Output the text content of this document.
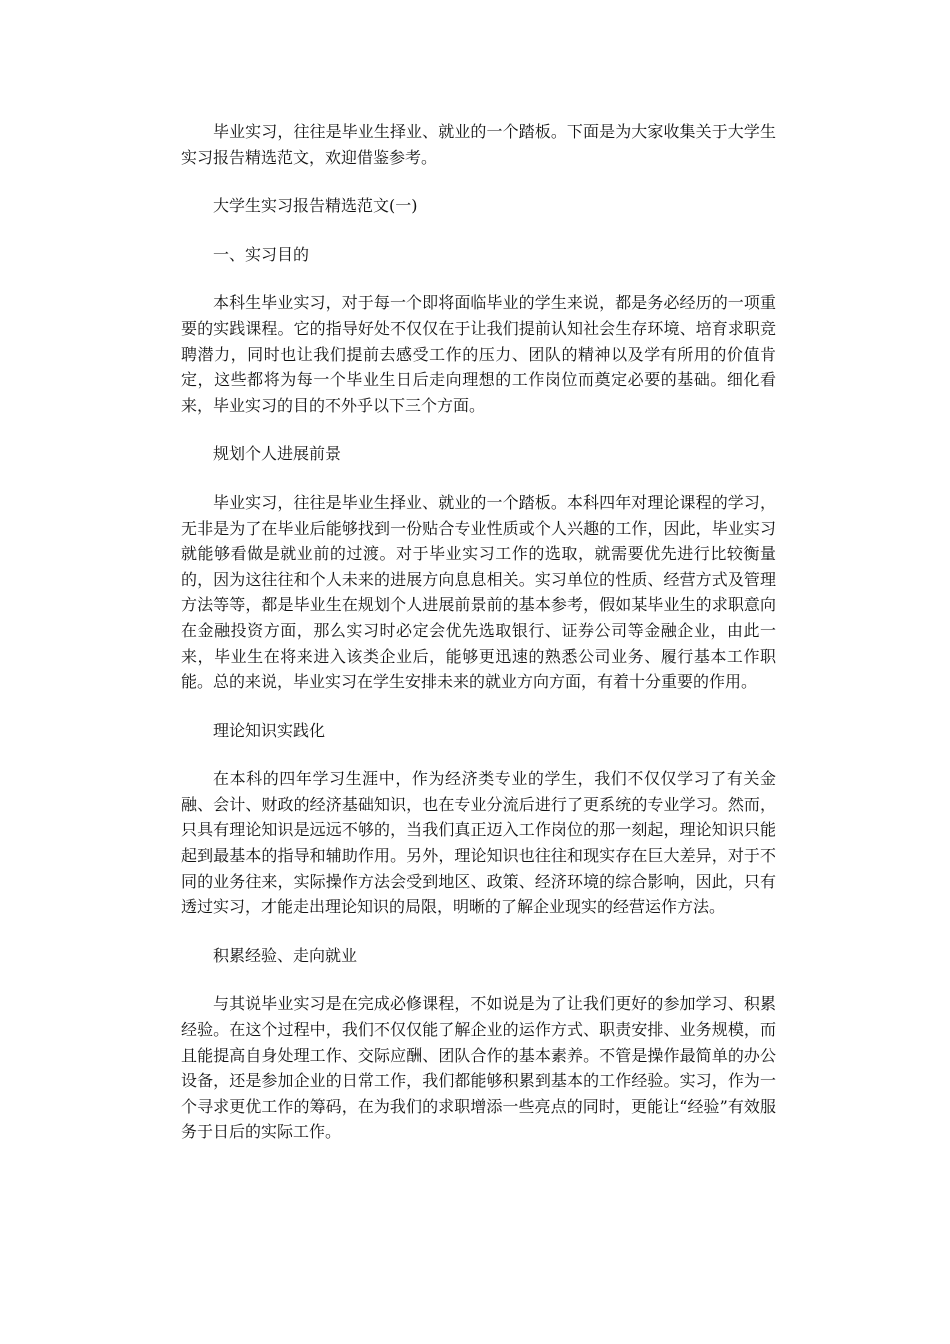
毕业实习，往往是毕业生择业、就业的一个踏板。下面是为大家收集关于大学生实习报告精选范文，欢迎借鉴参考。

大学生实习报告精选范文(一)

一、实习目的

本科生毕业实习，对于每一个即将面临毕业的学生来说，都是务必经历的一项重要的实践课程。它的指导好处不仅仅在于让我们提前认知社会生存环境、培育求职竞聘潜力，同时也让我们提前去感受工作的压力、团队的精神以及学有所用的价值肯定，这些都将为每一个毕业生日后走向理想的工作岗位而奠定必要的基础。细化看来，毕业实习的目的不外乎以下三个方面。

规划个人进展前景

毕业实习，往往是毕业生择业、就业的一个踏板。本科四年对理论课程的学习，无非是为了在毕业后能够找到一份贴合专业性质或个人兴趣的工作，因此，毕业实习就能够看做是就业前的过渡。对于毕业实习工作的选取，就需要优先进行比较衡量的，因为这往往和个人未来的进展方向息息相关。实习单位的性质、经营方式及管理方法等等，都是毕业生在规划个人进展前景前的基本参考，假如某毕业生的求职意向在金融投资方面，那么实习时必定会优先选取银行、证券公司等金融企业，由此一来，毕业生在将来进入该类企业后，能够更迅速的熟悉公司业务、履行基本工作职能。总的来说，毕业实习在学生安排未来的就业方向方面，有着十分重要的作用。

理论知识实践化

在本科的四年学习生涯中，作为经济类专业的学生，我们不仅仅学习了有关金融、会计、财政的经济基础知识，也在专业分流后进行了更系统的专业学习。然而，只具有理论知识是远远不够的，当我们真正迈入工作岗位的那一刻起，理论知识只能起到最基本的指导和辅助作用。另外，理论知识也往往和现实存在巨大差异，对于不同的业务往来，实际操作方法会受到地区、政策、经济环境的综合影响，因此，只有透过实习，才能走出理论知识的局限，明晰的了解企业现实的经营运作方法。

积累经验、走向就业

与其说毕业实习是在完成必修课程，不如说是为了让我们更好的参加学习、积累经验。在这个过程中，我们不仅仅能了解企业的运作方式、职责安排、业务规模，而且能提高自身处理工作、交际应酬、团队合作的基本素养。不管是操作最简单的办公设备，还是参加企业的日常工作，我们都能够积累到基本的工作经验。实习，作为一个寻求更优工作的筹码，在为我们的求职增添一些亮点的同时，更能让“经验”有效服务于日后的实际工作。
